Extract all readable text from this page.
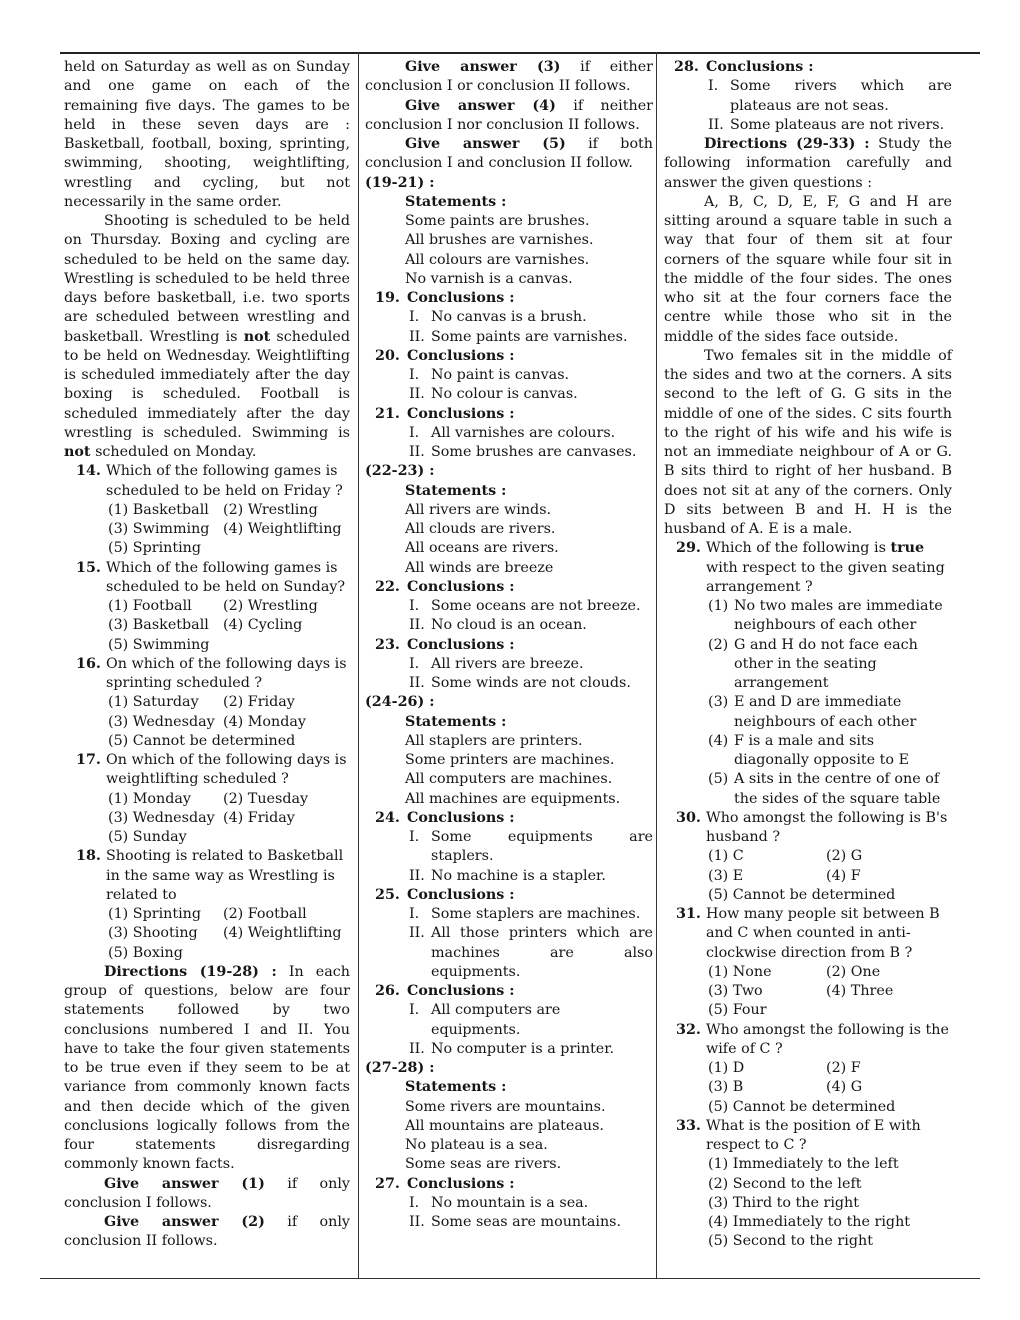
held on Saturday as well as on Sunday and one game on each of the remaining five days. The games to be held in these seven days are : Basketball, football, boxing, sprinting, swimming, shooting, weightlifting, wrestling and cycling, but not necessarily in the same order.

Shooting is scheduled to be held on Thursday. Boxing and cycling are scheduled to be held on the same day. Wrestling is scheduled to be held three days before basketball, i.e. two sports are scheduled between wrestling and basketball. Wrestling is not scheduled to be held on Wednesday. Weightlifting is scheduled immediately after the day boxing is scheduled. Football is scheduled immediately after the day wrestling is scheduled. Swimming is not scheduled on Monday.

14. Which of the following games is scheduled to be held on Friday ?

(1) Basketball (2) Wrestling
(3) Swimming (4) Weightlifting
(5) Sprinting

15. Which of the following games is scheduled to be held on Sunday?

(1) Football	(2) Wrestling
(3) Basketball (4) Cycling
(5) Swimming

16. On which of the following days is sprinting scheduled ?

(1) Saturday	(2) Friday
(3) Wednesday (4) Monday
(5) Cannot be determined

17. On which of the following days is weightlifting scheduled ?

(1) Monday	(2) Tuesday
(3) Wednesday (4) Friday
(5) Sunday

18. Shooting is related to Basketball in the same way as Wrestling is related to

(1) Sprinting	(2) Football
(3) Shooting	(4) Weightlifting
(5) Boxing

Directions (19-28) : In each group of questions, below are four statements followed by two conclusions numbered I and II. You have to take the four given statements to be true even if they seem to be at variance from commonly known facts and then decide which of the given conclusions logically follows from the four statements disregarding commonly known facts.

Give answer (1) if only conclusion I follows.

Give answer (2) if only conclusion II follows.

Give answer (3) if either conclusion I or conclusion II follows.

Give answer (4) if neither conclusion I nor conclusion II follows.

Give answer (5) if both conclusion I and conclusion II follow.

(19-21) :

Statements :

Some paints are brushes.

All brushes are varnishes.

All colours are varnishes.

No varnish is a canvas.

19. Conclusions :

I. No canvas is a brush.

II. Some paints are varnishes.

20. Conclusions :

I. No paint is canvas.

II. No colour is canvas.

21. Conclusions :

I. All varnishes are colours.

II. Some brushes are canvases.

(22-23) :

Statements :

All rivers are winds.

All clouds are rivers.

All oceans are rivers.

All winds are breeze

22. Conclusions :

I. Some oceans are not breeze.

II. No cloud is an ocean.

23. Conclusions :

I. All rivers are breeze.

II. Some winds are not clouds.

(24-26) :

Statements :

All staplers are printers.

Some printers are machines.

All computers are machines.

All machines are equipments.

24. Conclusions :

I. Some equipments are staplers.

II. No machine is a stapler.

25. Conclusions :

I. Some staplers are machines.

II. All those printers which are machines are also equipments.

26. Conclusions :

I. All computers are equipments.

II. No computer is a printer.

(27-28) :

Statements :

Some rivers are mountains.

All mountains are plateaus.

No plateau is a sea.

Some seas are rivers.

27. Conclusions :

I. No mountain is a sea.

II. Some seas are mountains.

28. Conclusions :

I. Some rivers which are plateaus are not seas.

II. Some plateaus are not rivers.

Directions (29-33) : Study the following information carefully and answer the given questions :

A, B, C, D, E, F, G and H are sitting around a square table in such a way that four of them sit at four corners of the square while four sit in the middle of the four sides. The ones who sit at the four corners face the centre while those who sit in the middle of the sides face outside.

Two females sit in the middle of the sides and two at the corners. A sits second to the left of G. G sits in the middle of one of the sides. C sits fourth to the right of his wife and his wife is not an immediate neighbour of A or G. B sits third to right of her husband. B does not sit at any of the corners. Only D sits between B and H. H is the husband of A. E is a male.

29. Which of the following is true with respect to the given seating arrangement ?

(1) No two males are immediate neighbours of each other

(2) G and H do not face each other in the seating arrangement

(3) E and D are immediate neighbours of each other

(4) F is a male and sits diagonally opposite to E

(5) A sits in the centre of one of the sides of the square table

30. Who amongst the following is B's husband ?

(1) C	(2) G
(3) E	(4) F
(5) Cannot be determined

31. How many people sit between B and C when counted in anti-clockwise direction from B ?

(1) None	(2) One
(3) Two	(4) Three
(5) Four

32. Who amongst the following is the wife of C ?

(1) D	(2) F
(3) B	(4) G
(5) Cannot be determined

33. What is the position of E with respect to C ?

(1) Immediately to the left
(2) Second to the left
(3) Third to the right
(4) Immediately to the right
(5) Second to the right
